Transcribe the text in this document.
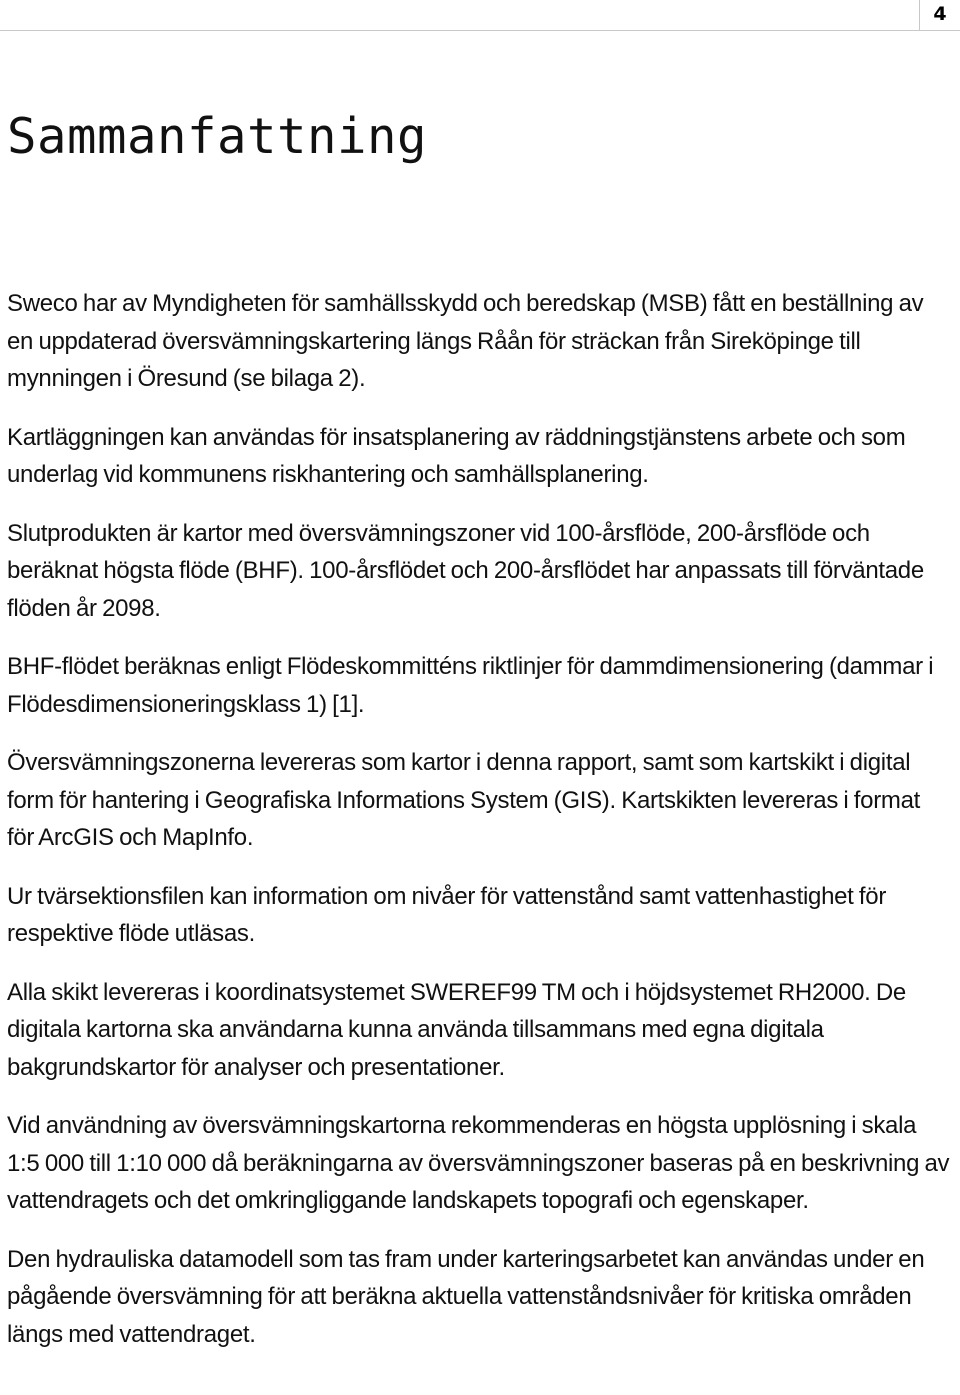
4
Sammanfattning

Sweco har av Myndigheten för samhällsskydd och beredskap (MSB) fått en beställning av en uppdaterad översvämningskartering längs Råån för sträckan från Sireköpinge till mynningen i Öresund (se bilaga 2).

Kartläggningen kan användas för insatsplanering av räddningstjänstens arbete och som underlag vid kommunens riskhantering och samhällsplanering.

Slutprodukten är kartor med översvämningszoner vid 100-årsflöde, 200-årsflöde och beräknat högsta flöde (BHF). 100-årsflödet och 200-årsflödet har anpassats till förväntade flöden år 2098.

BHF-flödet beräknas enligt Flödeskommitténs riktlinjer för dammdimensionering (dammar i Flödesdimensioneringsklass 1) [1].

Översvämningszonerna levereras som kartor i denna rapport, samt som kartskikt i digital form för hantering i Geografiska Informations System (GIS). Kartskikten levereras i format för ArcGIS och MapInfo.

Ur tvärsektionsfilen kan information om nivåer för vattenstånd samt vattenhastighet för respektive flöde utläsas.

Alla skikt levereras i koordinatsystemet SWEREF99 TM och i höjdsystemet RH2000. De digitala kartorna ska användarna kunna använda tillsammans med egna digitala bakgrundskartor för analyser och presentationer.

Vid användning av översvämningskartorna rekommenderas en högsta upplösning i skala 1:5 000 till 1:10 000 då beräkningarna av översvämningszoner baseras på en beskrivning av vattendragets och det omkringliggande landskapets topografi och egenskaper.

Den hydrauliska datamodell som tas fram under karteringsarbetet kan användas under en pågående översvämning för att beräkna aktuella vattenståndsnivåer för kritiska områden längs med vattendraget.
